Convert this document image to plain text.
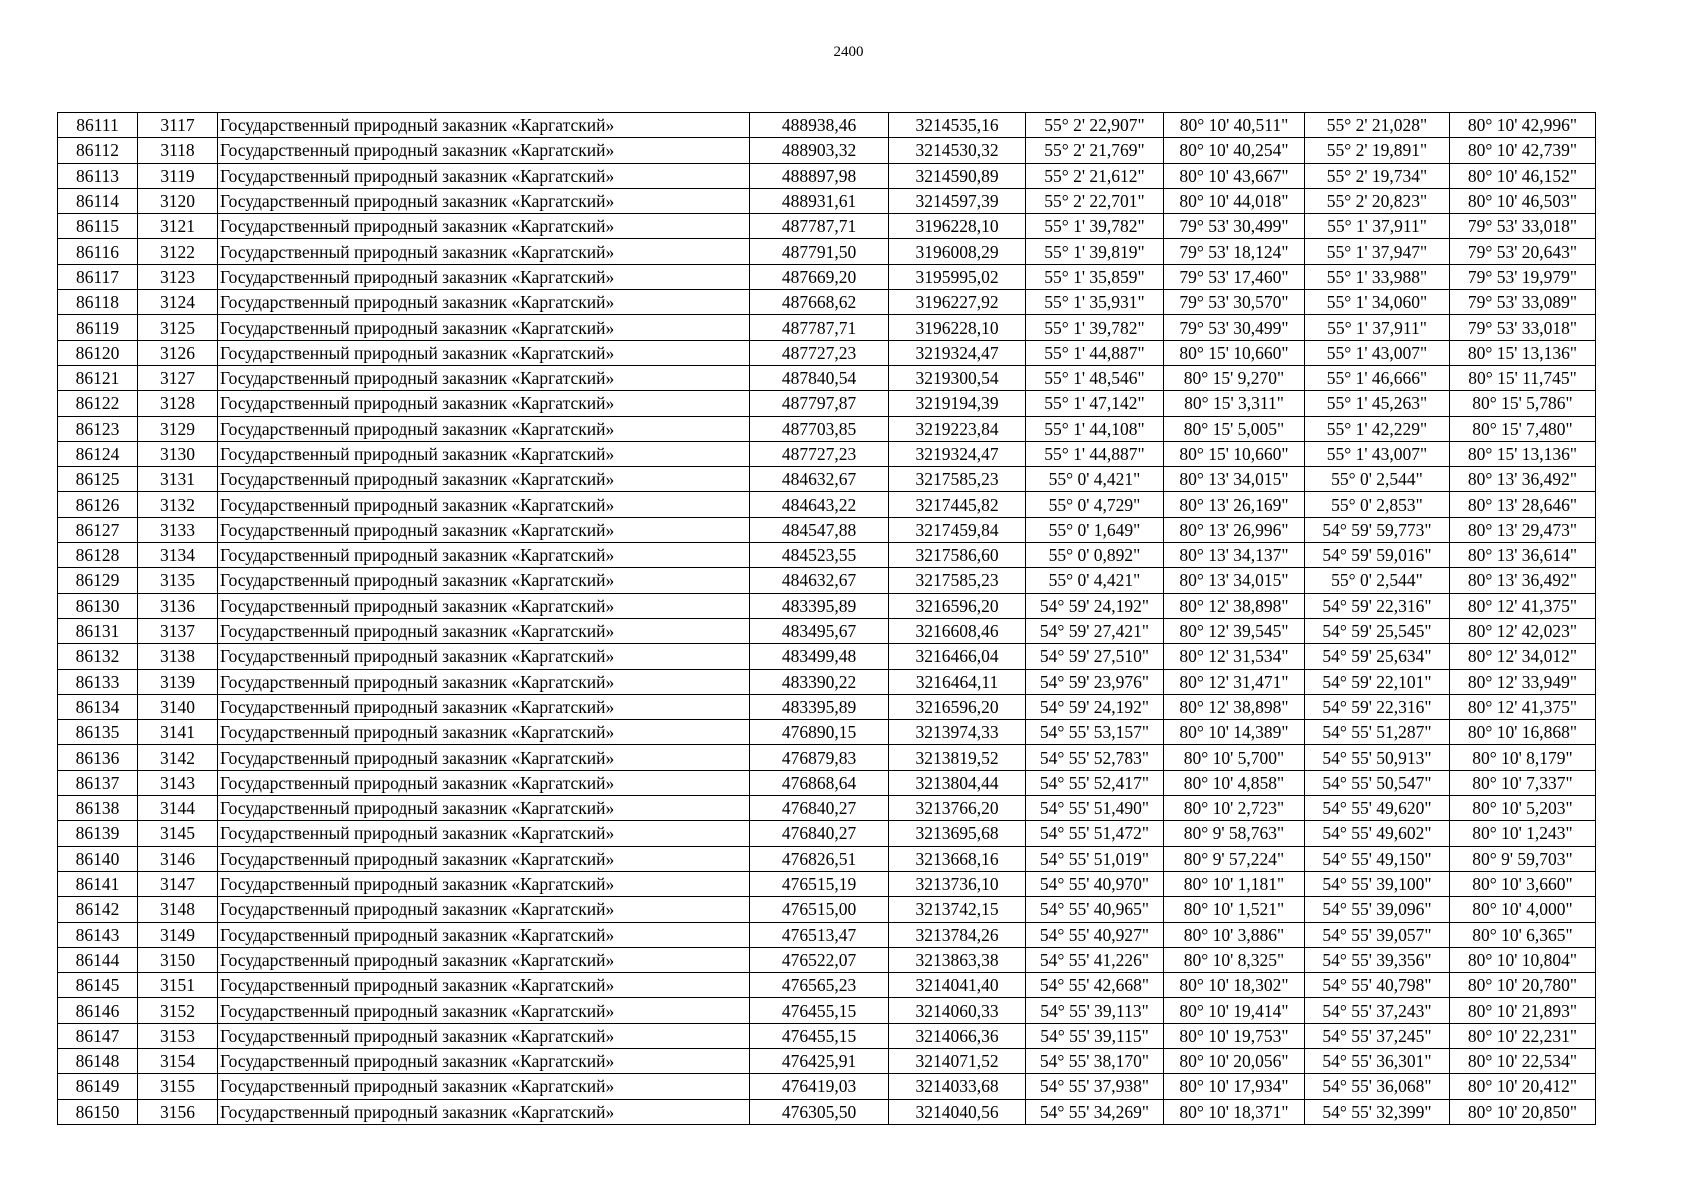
2400
86111	3117	Государственный природный заказник «Каргатский»	488938,46	3214535,16	55° 2' 22,907"	80° 10' 40,511"	55° 2' 21,028"	80° 10' 42,996"
86112	3118	Государственный природный заказник «Каргатский»	488903,32	3214530,32	55° 2' 21,769"	80° 10' 40,254"	55° 2' 19,891"	80° 10' 42,739"
86113	3119	Государственный природный заказник «Каргатский»	488897,98	3214590,89	55° 2' 21,612"	80° 10' 43,667"	55° 2' 19,734"	80° 10' 46,152"
86114	3120	Государственный природный заказник «Каргатский»	488931,61	3214597,39	55° 2' 22,701"	80° 10' 44,018"	55° 2' 20,823"	80° 10' 46,503"
86115	3121	Государственный природный заказник «Каргатский»	487787,71	3196228,10	55° 1' 39,782"	79° 53' 30,499"	55° 1' 37,911"	79° 53' 33,018"
86116	3122	Государственный природный заказник «Каргатский»	487791,50	3196008,29	55° 1' 39,819"	79° 53' 18,124"	55° 1' 37,947"	79° 53' 20,643"
86117	3123	Государственный природный заказник «Каргатский»	487669,20	3195995,02	55° 1' 35,859"	79° 53' 17,460"	55° 1' 33,988"	79° 53' 19,979"
86118	3124	Государственный природный заказник «Каргатский»	487668,62	3196227,92	55° 1' 35,931"	79° 53' 30,570"	55° 1' 34,060"	79° 53' 33,089"
86119	3125	Государственный природный заказник «Каргатский»	487787,71	3196228,10	55° 1' 39,782"	79° 53' 30,499"	55° 1' 37,911"	79° 53' 33,018"
86120	3126	Государственный природный заказник «Каргатский»	487727,23	3219324,47	55° 1' 44,887"	80° 15' 10,660"	55° 1' 43,007"	80° 15' 13,136"
86121	3127	Государственный природный заказник «Каргатский»	487840,54	3219300,54	55° 1' 48,546"	80° 15' 9,270"	55° 1' 46,666"	80° 15' 11,745"
86122	3128	Государственный природный заказник «Каргатский»	487797,87	3219194,39	55° 1' 47,142"	80° 15' 3,311"	55° 1' 45,263"	80° 15' 5,786"
86123	3129	Государственный природный заказник «Каргатский»	487703,85	3219223,84	55° 1' 44,108"	80° 15' 5,005"	55° 1' 42,229"	80° 15' 7,480"
86124	3130	Государственный природный заказник «Каргатский»	487727,23	3219324,47	55° 1' 44,887"	80° 15' 10,660"	55° 1' 43,007"	80° 15' 13,136"
86125	3131	Государственный природный заказник «Каргатский»	484632,67	3217585,23	55° 0' 4,421"	80° 13' 34,015"	55° 0' 2,544"	80° 13' 36,492"
86126	3132	Государственный природный заказник «Каргатский»	484643,22	3217445,82	55° 0' 4,729"	80° 13' 26,169"	55° 0' 2,853"	80° 13' 28,646"
86127	3133	Государственный природный заказник «Каргатский»	484547,88	3217459,84	55° 0' 1,649"	80° 13' 26,996"	54° 59' 59,773"	80° 13' 29,473"
86128	3134	Государственный природный заказник «Каргатский»	484523,55	3217586,60	55° 0' 0,892"	80° 13' 34,137"	54° 59' 59,016"	80° 13' 36,614"
86129	3135	Государственный природный заказник «Каргатский»	484632,67	3217585,23	55° 0' 4,421"	80° 13' 34,015"	55° 0' 2,544"	80° 13' 36,492"
86130	3136	Государственный природный заказник «Каргатский»	483395,89	3216596,20	54° 59' 24,192"	80° 12' 38,898"	54° 59' 22,316"	80° 12' 41,375"
86131	3137	Государственный природный заказник «Каргатский»	483495,67	3216608,46	54° 59' 27,421"	80° 12' 39,545"	54° 59' 25,545"	80° 12' 42,023"
86132	3138	Государственный природный заказник «Каргатский»	483499,48	3216466,04	54° 59' 27,510"	80° 12' 31,534"	54° 59' 25,634"	80° 12' 34,012"
86133	3139	Государственный природный заказник «Каргатский»	483390,22	3216464,11	54° 59' 23,976"	80° 12' 31,471"	54° 59' 22,101"	80° 12' 33,949"
86134	3140	Государственный природный заказник «Каргатский»	483395,89	3216596,20	54° 59' 24,192"	80° 12' 38,898"	54° 59' 22,316"	80° 12' 41,375"
86135	3141	Государственный природный заказник «Каргатский»	476890,15	3213974,33	54° 55' 53,157"	80° 10' 14,389"	54° 55' 51,287"	80° 10' 16,868"
86136	3142	Государственный природный заказник «Каргатский»	476879,83	3213819,52	54° 55' 52,783"	80° 10' 5,700"	54° 55' 50,913"	80° 10' 8,179"
86137	3143	Государственный природный заказник «Каргатский»	476868,64	3213804,44	54° 55' 52,417"	80° 10' 4,858"	54° 55' 50,547"	80° 10' 7,337"
86138	3144	Государственный природный заказник «Каргатский»	476840,27	3213766,20	54° 55' 51,490"	80° 10' 2,723"	54° 55' 49,620"	80° 10' 5,203"
86139	3145	Государственный природный заказник «Каргатский»	476840,27	3213695,68	54° 55' 51,472"	80° 9' 58,763"	54° 55' 49,602"	80° 10' 1,243"
86140	3146	Государственный природный заказник «Каргатский»	476826,51	3213668,16	54° 55' 51,019"	80° 9' 57,224"	54° 55' 49,150"	80° 9' 59,703"
86141	3147	Государственный природный заказник «Каргатский»	476515,19	3213736,10	54° 55' 40,970"	80° 10' 1,181"	54° 55' 39,100"	80° 10' 3,660"
86142	3148	Государственный природный заказник «Каргатский»	476515,00	3213742,15	54° 55' 40,965"	80° 10' 1,521"	54° 55' 39,096"	80° 10' 4,000"
86143	3149	Государственный природный заказник «Каргатский»	476513,47	3213784,26	54° 55' 40,927"	80° 10' 3,886"	54° 55' 39,057"	80° 10' 6,365"
86144	3150	Государственный природный заказник «Каргатский»	476522,07	3213863,38	54° 55' 41,226"	80° 10' 8,325"	54° 55' 39,356"	80° 10' 10,804"
86145	3151	Государственный природный заказник «Каргатский»	476565,23	3214041,40	54° 55' 42,668"	80° 10' 18,302"	54° 55' 40,798"	80° 10' 20,780"
86146	3152	Государственный природный заказник «Каргатский»	476455,15	3214060,33	54° 55' 39,113"	80° 10' 19,414"	54° 55' 37,243"	80° 10' 21,893"
86147	3153	Государственный природный заказник «Каргатский»	476455,15	3214066,36	54° 55' 39,115"	80° 10' 19,753"	54° 55' 37,245"	80° 10' 22,231"
86148	3154	Государственный природный заказник «Каргатский»	476425,91	3214071,52	54° 55' 38,170"	80° 10' 20,056"	54° 55' 36,301"	80° 10' 22,534"
86149	3155	Государственный природный заказник «Каргатский»	476419,03	3214033,68	54° 55' 37,938"	80° 10' 17,934"	54° 55' 36,068"	80° 10' 20,412"
86150	3156	Государственный природный заказник «Каргатский»	476305,50	3214040,56	54° 55' 34,269"	80° 10' 18,371"	54° 55' 32,399"	80° 10' 20,850"
